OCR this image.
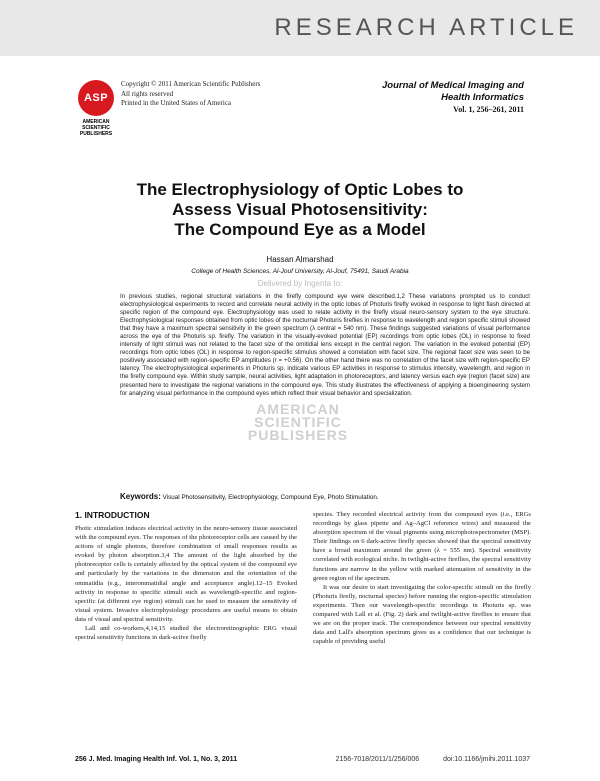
RESEARCH ARTICLE
ASP
AMERICAN
SCIENTIFIC
PUBLISHERS
Copyright © 2011 American Scientific Publishers
All rights reserved
Printed in the United States of America
Journal of Medical Imaging and Health Informatics
Vol. 1, 256–261, 2011
The Electrophysiology of Optic Lobes to
Assess Visual Photosensitivity:
The Compound Eye as a Model
Hassan Almarshad
College of Health Sciences, Al-Jouf University, Al-Jouf, 75491, Saudi Arabia
Delivered by Ingenta to:
In previous studies, regional structural variations in the firefly compound eye were described.1,2 These variations prompted us to conduct electrophysiological experiments to record and correlate neural activity in the optic lobes of Photuris firefly evoked in response to light flash directed at specific region of the compound eye. Electrophysiology was used to relate activity in the firefly visual neuro-sensory system to the eye structure. Electrophysiological responses obtained from optic lobes of the nocturnal Photuris fireflies in response to wavelength and region specific stimuli showed that they have a maximum spectral sensitivity in the green spectrum (λ central = 540 nm). These findings suggested variations of visual performance across the eye of the Photuris sp. firefly. The variation in the visually-evoked potential (EP) recordings from optic lobes (OL) in response to fixed intensity of light stimuli was not related to the facet size of the omitidial lens except in the central region. The variation in the evoked potential (EP) recordings from optic lobes (OL) in response to region-specific stimulus showed a correlation with facet size. The regional facet size was seen to be positively associated with region-specific EP amplitudes (r = +0.56). On the other hand there was no correlation of the facet size with region-specific EP latency. The electrophysiological experiments in Photuris sp. indicate various EP activities in response to stimulus intensity, wavelength, and region in the firefly compound eye. Within study sample, neural activities, light adaptation in photoreceptors, and latency versus each eye (region (facet size) are presented here to investigate the regional variations in the compound eye. This study illustrates the effectiveness of applying a bioengineering system for analyzing visual performance in the compound eyes which reflect their visual behavior and specialization.
AMERICAN
SCIENTIFIC
PUBLISHERS
Keywords: Visual Photosensitivity, Electrophysiology, Compound Eye, Photo Stimulation.
1. INTRODUCTION

Photic stimulation induces electrical activity in the neuro-sensory tissue associated with the compound eyes. The responses of the photoreceptor cells are caused by the actions of single photons, therefore combination of small responses results as evoked by photon absorption.3,4 The amount of the light absorbed by the photoreceptor cells is certainly affected by the optical system of the compound eye and particularly by the variations in the dimension and the orientation of the ommatidia (e.g., interommatidial angle and acceptance angle).12–15 Evoked activity in response to specific stimuli such as wavelength-specific and region-specific (at different eye region) stimuli can be used to measure the sensitivity of visual system. Invasive electrophysiology procedures are useful means to obtain data of visual and spectral sensitivity.

Lall and co-workers,4,14,15 studied the electroretinographic ERG visual spectral sensitivity functions in dark-active firefly

species. They recorded electrical activity from the compound eyes (i.e., ERGs recordings by glass pipette and Ag–AgCl reference wires) and measured the absorption spectrum of the visual pigments using microphotospectrometer (MSP). Their findings on 6 dark-active firefly species showed that the spectral sensitivity have a broad maximum around the green (λ = 555 nm). Spectral sensitivity correlated with ecological niche. In twilight-active fireflies, the spectral sensitivity functions are narrow in the yellow with marked attenuation of sensitivity in the green region of the spectrum.

It was our desire to start investigating the color-specific stimuli on the firefly (Photuris firefly, nocturnal species) before running the region-specific stimulation experiments. Then our wavelength-specific recordings in Photuris sp. was compared with Lall et al. (Fig. 2) dark and twilight-active fireflies to ensure that we are on the proper track. The correspondence between our spectral sensitivity data and Lall's absorption spectrum gives us a confidence that our technique is capable of providing useful

256 J. Med. Imaging Health Inf. Vol. 1, No. 3, 2011	2156-7018/2011/1/256/006	doi:10.1166/jmihi.2011.1037
